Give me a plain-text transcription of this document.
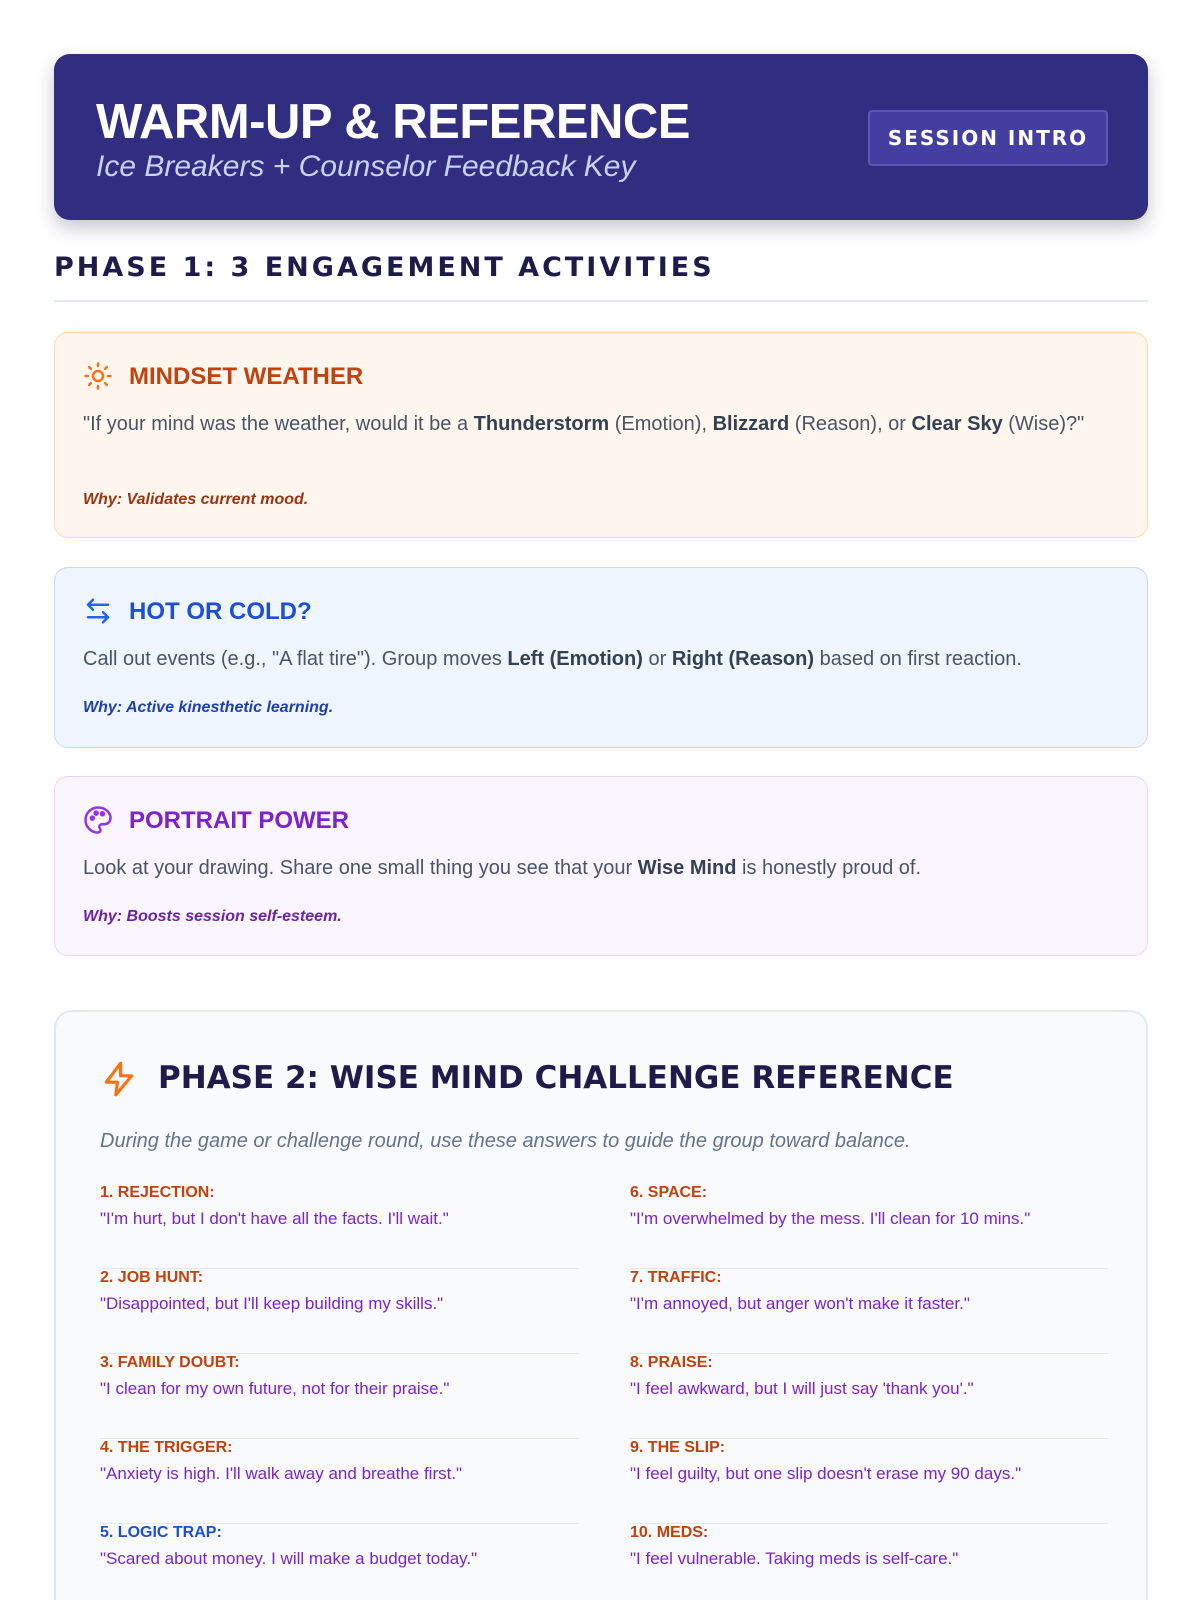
WARM-UP & REFERENCE
Ice Breakers + Counselor Feedback Key
SESSION INTRO
PHASE 1: 3 ENGAGEMENT ACTIVITIES
MINDSET WEATHER
"If your mind was the weather, would it be a Thunderstorm (Emotion), Blizzard (Reason), or Clear Sky (Wise)?"
Why: Validates current mood.
HOT OR COLD?
Call out events (e.g., "A flat tire"). Group moves Left (Emotion) or Right (Reason) based on first reaction.
Why: Active kinesthetic learning.
PORTRAIT POWER
Look at your drawing. Share one small thing you see that your Wise Mind is honestly proud of.
Why: Boosts session self-esteem.
PHASE 2: WISE MIND CHALLENGE REFERENCE
During the game or challenge round, use these answers to guide the group toward balance.
1. REJECTION:
"I'm hurt, but I don't have all the facts. I'll wait."
2. JOB HUNT:
"Disappointed, but I'll keep building my skills."
3. FAMILY DOUBT:
"I clean for my own future, not for their praise."
4. THE TRIGGER:
"Anxiety is high. I'll walk away and breathe first."
5. LOGIC TRAP:
"Scared about money. I will make a budget today."
6. SPACE:
"I'm overwhelmed by the mess. I'll clean for 10 mins."
7. TRAFFIC:
"I'm annoyed, but anger won't make it faster."
8. PRAISE:
"I feel awkward, but I will just say 'thank you'."
9. THE SLIP:
"I feel guilty, but one slip doesn't erase my 90 days."
10. MEDS:
"I feel vulnerable. Taking meds is self-care."
